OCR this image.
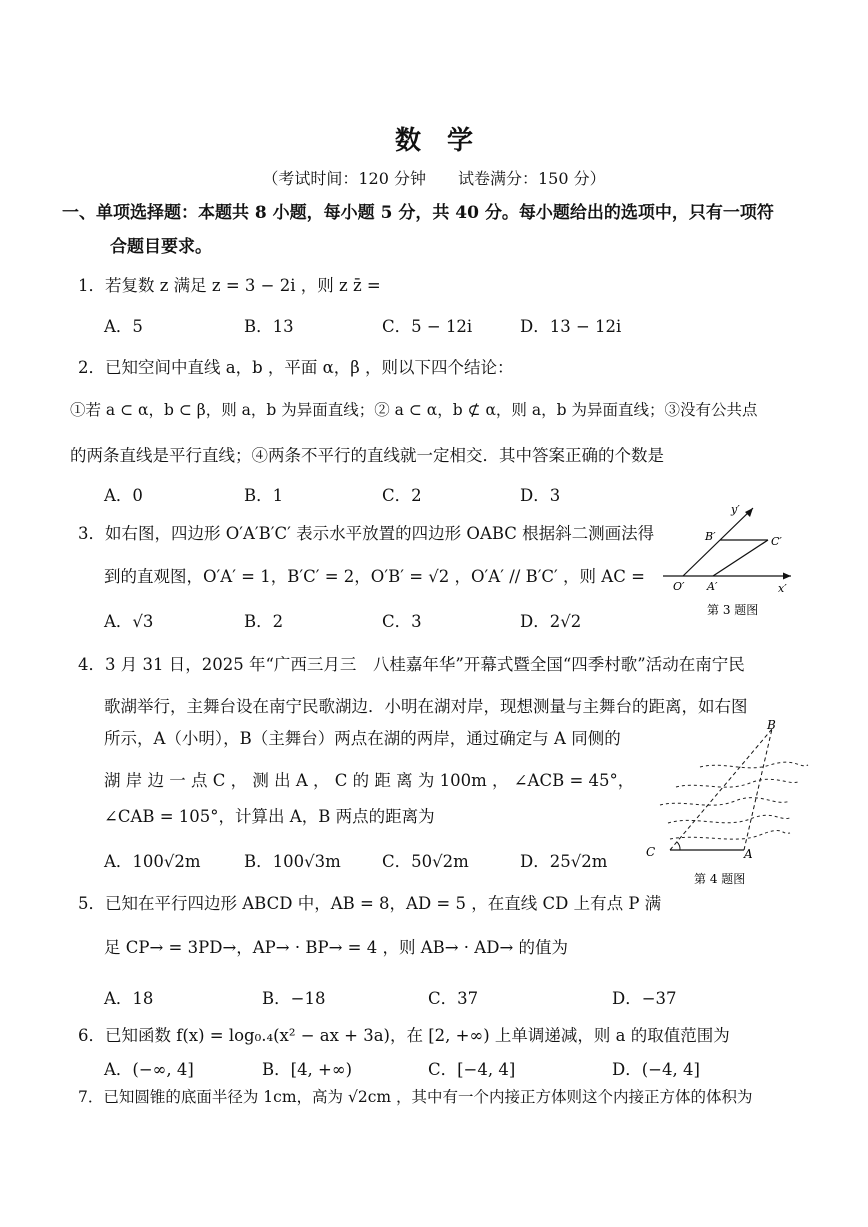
数学
（考试时间：120 分钟　　试卷满分：150 分）
一、单项选择题：本题共 8 小题，每小题 5 分，共 40 分。每小题给出的选项中，只有一项符
合题目要求。
1．若复数 z 满足 z = 3 − 2i ，则 z z̄ =
A．5	B．13	C．5 − 12i	D．13 − 12i
2．已知空间中直线 a，b ，平面 α，β ，则以下四个结论：
①若 a ⊂ α，b ⊂ β，则 a，b 为异面直线；② a ⊂ α，b ⊄ α，则 a，b 为异面直线；③没有公共点
的两条直线是平行直线；④两条不平行的直线就一定相交．其中答案正确的个数是
A．0	B．1	C．2	D．3
3．如右图，四边形 O′A′B′C′ 表示水平放置的四边形 OABC 根据斜二测画法得
到的直观图，O′A′ = 1，B′C′ = 2，O′B′ = √2 ，O′A′ // B′C′ ，则 AC =
A．√3	B．2	C．3	D．2√2
y′
x′
O′ A′
B′	C′
第 3 题图
4．3 月 31 日，2025 年“广西三月三　八桂嘉年华”开幕式暨全国“四季村歌”活动在南宁民
歌湖举行，主舞台设在南宁民歌湖边．小明在湖对岸，现想测量与主舞台的距离，如右图
所示，A（小明），B（主舞台）两点在湖的两岸，通过确定与 A 同侧的
湖 岸 边 一 点 C ， 测 出 A ， C 的 距 离 为 100m ， ∠ACB = 45°，
∠CAB = 105°，计算出 A，B 两点的距离为
A．100√2m	B．100√3m C．50√2m	D．25√2m
B
C	A
第 4 题图
5．已知在平行四边形 ABCD 中，AB = 8，AD = 5 ，在直线 CD 上有点 P 满
足 CP→ = 3PD→，AP→ · BP→ = 4 ，则 AB→ · AD→ 的值为
A．18	B．−18	C．37	D．−37
6．已知函数 f(x) = log₀.₄(x² − ax + 3a)，在 [2, +∞) 上单调递减，则 a 的取值范围为
A．(−∞, 4]	B．[4, +∞)	C．[−4, 4]	D．(−4, 4]
7．已知圆锥的底面半径为 1cm，高为 √2cm ，其中有一个内接正方体则这个内接正方体的体积为
